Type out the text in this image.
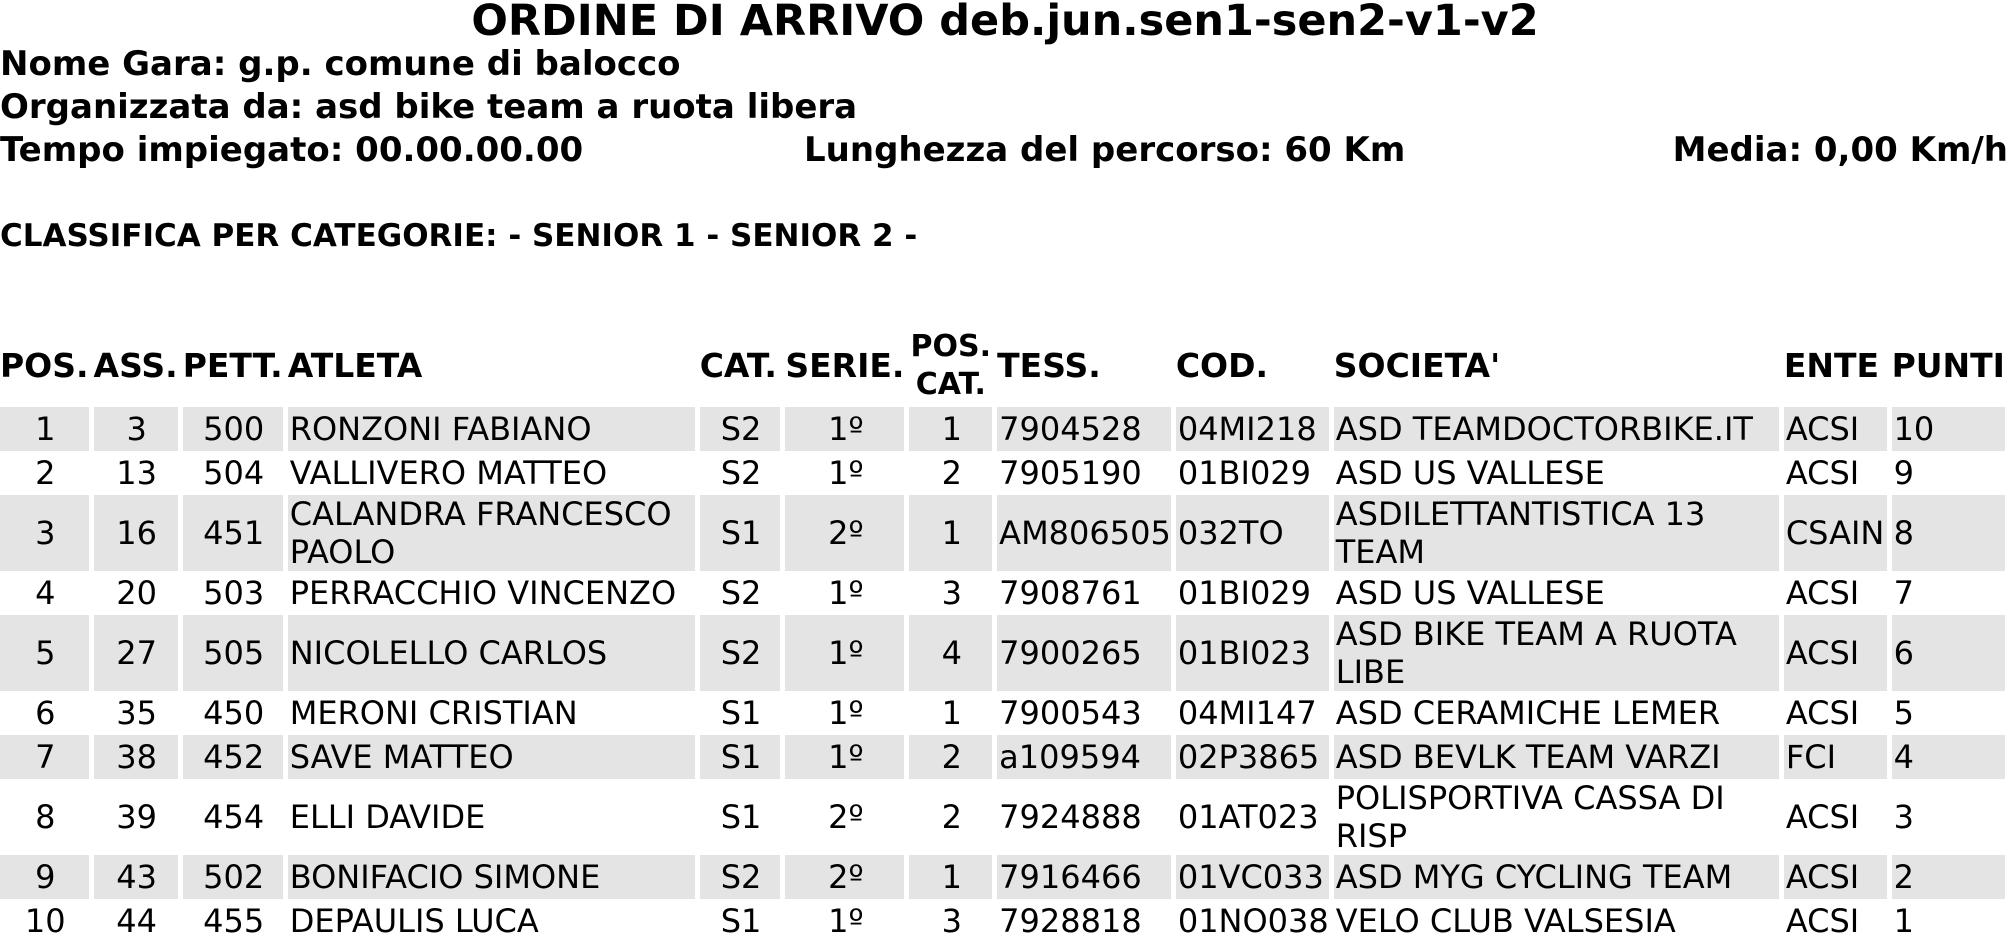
ORDINE DI ARRIVO deb.jun.sen1-sen2-v1-v2
Nome Gara: g.p. comune di balocco
Organizzata da: asd bike team a ruota libera
Tempo impiegato: 00.00.00.00	Lunghezza del percorso: 60 Km	Media: 0,00 Km/h
CLASSIFICA PER CATEGORIE: - SENIOR 1 - SENIOR 2 -
POS.	ASS.	PETT.	ATLETA	CAT.	SERIE.	POS. CAT.	TESS.	COD.	SOCIETA'	ENTE	PUNTI

1	3	500	RONZONI FABIANO	S2	1º	1	7904528	04MI218	ASD TEAMDOCTORBIKE.IT	ACSI	10
2	13	504	VALLIVERO MATTEO	S2	1º	2	7905190	01BI029	ASD US VALLESE	ACSI	9
3	16	451	CALANDRA FRANCESCO PAOLO	S1	2º	1	AM806505	032TO	ASDILETTANTISTICA 13 TEAM	CSAIN	8
4	20	503	PERRACCHIO VINCENZO	S2	1º	3	7908761	01BI029	ASD US VALLESE	ACSI	7
5	27	505	NICOLELLO CARLOS	S2	1º	4	7900265	01BI023	ASD BIKE TEAM A RUOTA LIBE	ACSI	6
6	35	450	MERONI CRISTIAN	S1	1º	1	7900543	04MI147	ASD CERAMICHE LEMER	ACSI	5
7	38	452	SAVE MATTEO	S1	1º	2	a109594	02P3865	ASD BEVLK TEAM VARZI	FCI	4
8	39	454	ELLI DAVIDE	S1	2º	2	7924888	01AT023	POLISPORTIVA CASSA DI RISP	ACSI	3
9	43	502	BONIFACIO SIMONE	S2	2º	1	7916466	01VC033	ASD MYG CYCLING TEAM	ACSI	2
10	44	455	DEPAULIS LUCA	S1	1º	3	7928818	01NO038	VELO CLUB VALSESIA	ACSI	1
